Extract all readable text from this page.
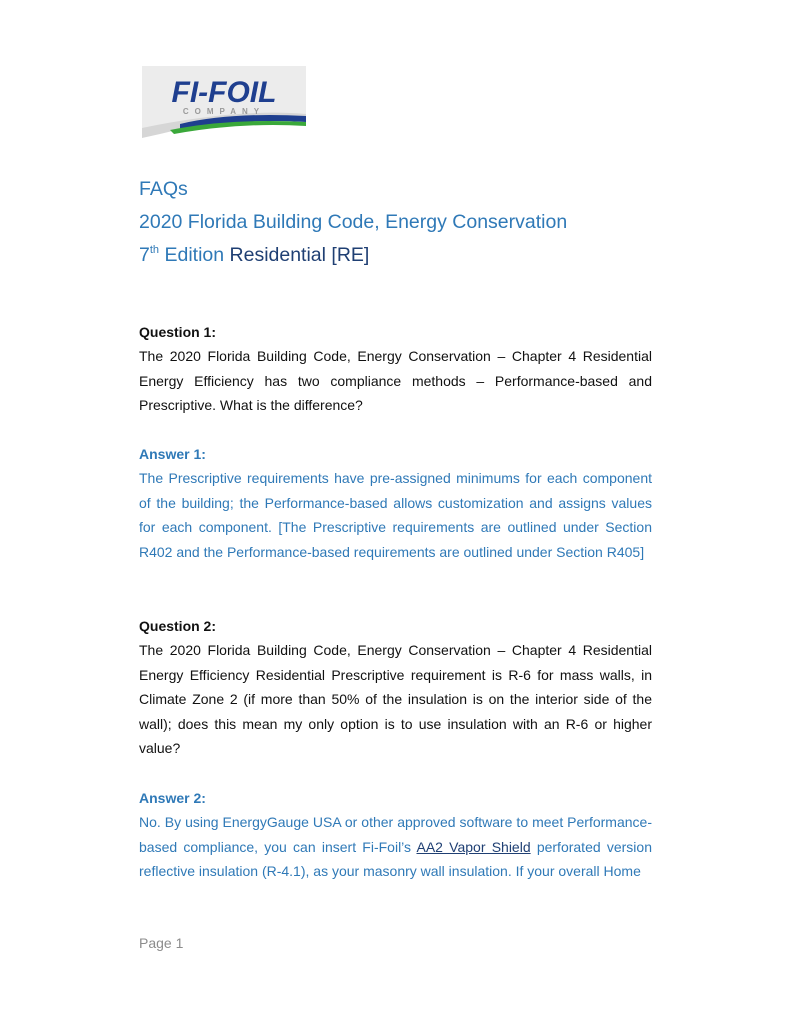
FI-FOIL
COMPANY
FAQs
2020 Florida Building Code, Energy Conservation
7th Edition Residential [RE]
Question 1:
The 2020 Florida Building Code, Energy Conservation – Chapter 4 Residential Energy Efficiency has two compliance methods – Performance-based and Prescriptive. What is the difference?
Answer 1:
The Prescriptive requirements have pre-assigned minimums for each component of the building; the Performance-based allows customization and assigns values for each component. [The Prescriptive requirements are outlined under Section R402 and the Performance-based requirements are outlined under Section R405]
Question 2:
The 2020 Florida Building Code, Energy Conservation – Chapter 4 Residential Energy Efficiency Residential Prescriptive requirement is R-6 for mass walls, in Climate Zone 2 (if more than 50% of the insulation is on the interior side of the wall); does this mean my only option is to use insulation with an R-6 or higher value?
Answer 2:
No. By using EnergyGauge USA or other approved software to meet Performance-based compliance, you can insert Fi-Foil’s AA2 Vapor Shield perforated version reflective insulation (R-4.1), as your masonry wall insulation. If your overall Home
Page 1
